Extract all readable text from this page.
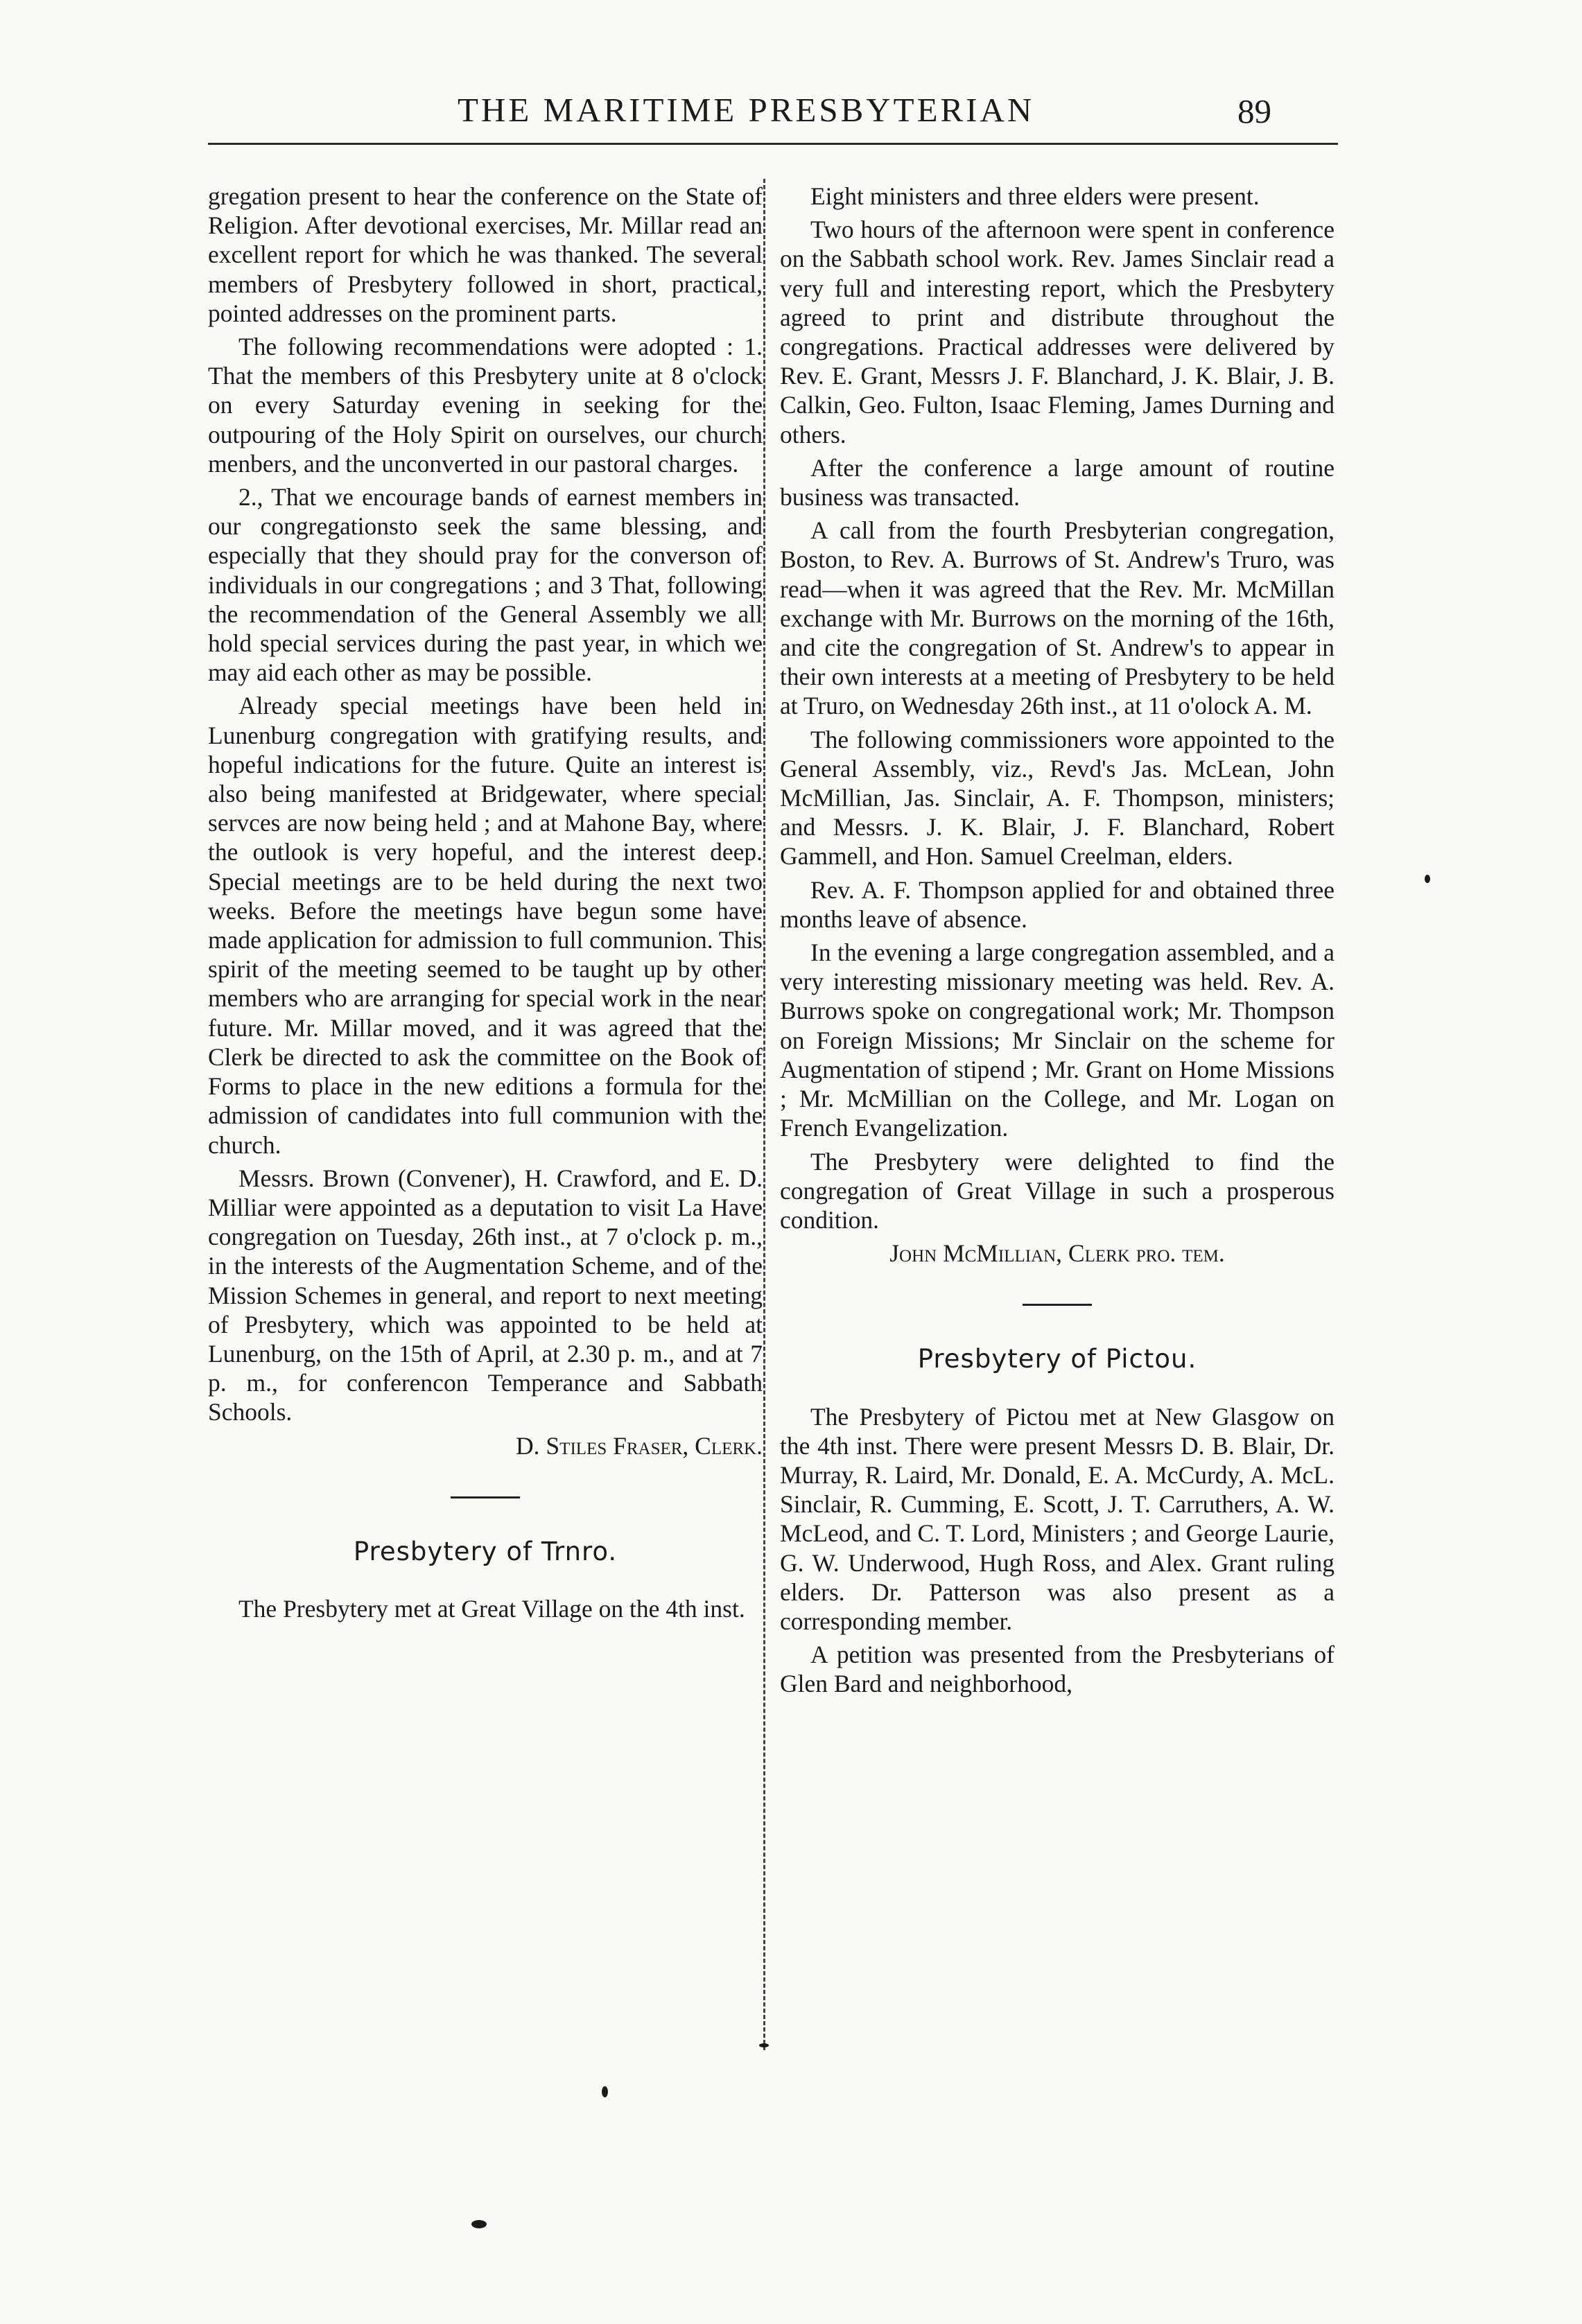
THE MARITIME PRESBYTERIAN	89

gregation present to hear the conference on the State of Religion. After devotional exercises, Mr. Millar read an excellent report for which he was thanked. The several members of Presbytery followed in short, practical, pointed addresses on the prominent parts.

The following recommendations were adopted : 1. That the members of this Presbytery unite at 8 o'clock on every Saturday evening in seeking for the outpouring of the Holy Spirit on ourselves, our church menbers, and the unconverted in our pastoral charges.

2., That we encourage bands of earnest members in our congregationsto seek the same blessing, and especially that they should pray for the converson of individuals in our congregations ; and 3 That, following the recommendation of the General Assembly we all hold special services during the past year, in which we may aid each other as may be possible.

Already special meetings have been held in Lunenburg congregation with gratifying results, and hopeful indications for the future. Quite an interest is also being manifested at Bridgewater, where special servces are now being held ; and at Mahone Bay, where the outlook is very hopeful, and the interest deep. Special meetings are to be held during the next two weeks. Before the meetings have begun some have made application for admission to full communion. This spirit of the meeting seemed to be taught up by other members who are arranging for special work in the near future. Mr. Millar moved, and it was agreed that the Clerk be directed to ask the committee on the Book of Forms to place in the new editions a formula for the admission of candidates into full communion with the church.

Messrs. Brown (Convener), H. Crawford, and E. D. Milliar were appointed as a deputation to visit La Have congregation on Tuesday, 26th inst., at 7 o'clock p. m., in the interests of the Augmentation Scheme, and of the Mission Schemes in general, and report to next meeting of Presbytery, which was appointed to be held at Lunenburg, on the 15th of April, at 2.30 p. m., and at 7 p. m., for conferencon Temperance and Sabbath Schools.

D. Stiles Fraser, Clerk.

Presbytery of Trnro.

The Presbytery met at Great Village on the 4th inst.

Eight ministers and three elders were present.

Two hours of the afternoon were spent in conference on the Sabbath school work. Rev. James Sinclair read a very full and interesting report, which the Presbytery agreed to print and distribute throughout the congregations. Practical addresses were delivered by Rev. E. Grant, Messrs J. F. Blanchard, J. K. Blair, J. B. Calkin, Geo. Fulton, Isaac Fleming, James Durning and others.

After the conference a large amount of routine business was transacted.

A call from the fourth Presbyterian congregation, Boston, to Rev. A. Burrows of St. Andrew's Truro, was read—when it was agreed that the Rev. Mr. McMillan exchange with Mr. Burrows on the morning of the 16th, and cite the congregation of St. Andrew's to appear in their own interests at a meeting of Presbytery to be held at Truro, on Wednesday 26th inst., at 11 o'olock A. M.

The following commissioners wore appointed to the General Assembly, viz., Revd's Jas. McLean, John McMillian, Jas. Sinclair, A. F. Thompson, ministers; and Messrs. J. K. Blair, J. F. Blanchard, Robert Gammell, and Hon. Samuel Creelman, elders.

Rev. A. F. Thompson applied for and obtained three months leave of absence.

In the evening a large congregation assembled, and a very interesting missionary meeting was held. Rev. A. Burrows spoke on congregational work; Mr. Thompson on Foreign Missions; Mr Sinclair on the scheme for Augmentation of stipend ; Mr. Grant on Home Missions ; Mr. McMillian on the College, and Mr. Logan on French Evangelization.

The Presbytery were delighted to find the congregation of Great Village in such a prosperous condition.

John McMillian, Clerk pro. tem.

Presbytery of Pictou.

The Presbytery of Pictou met at New Glasgow on the 4th inst. There were present Messrs D. B. Blair, Dr. Murray, R. Laird, Mr. Donald, E. A. McCurdy, A. McL. Sinclair, R. Cumming, E. Scott, J. T. Carruthers, A. W. McLeod, and C. T. Lord, Ministers ; and George Laurie, G. W. Underwood, Hugh Ross, and Alex. Grant ruling elders. Dr. Patterson was also present as a corresponding member.

A petition was presented from the Presbyterians of Glen Bard and neighborhood,
